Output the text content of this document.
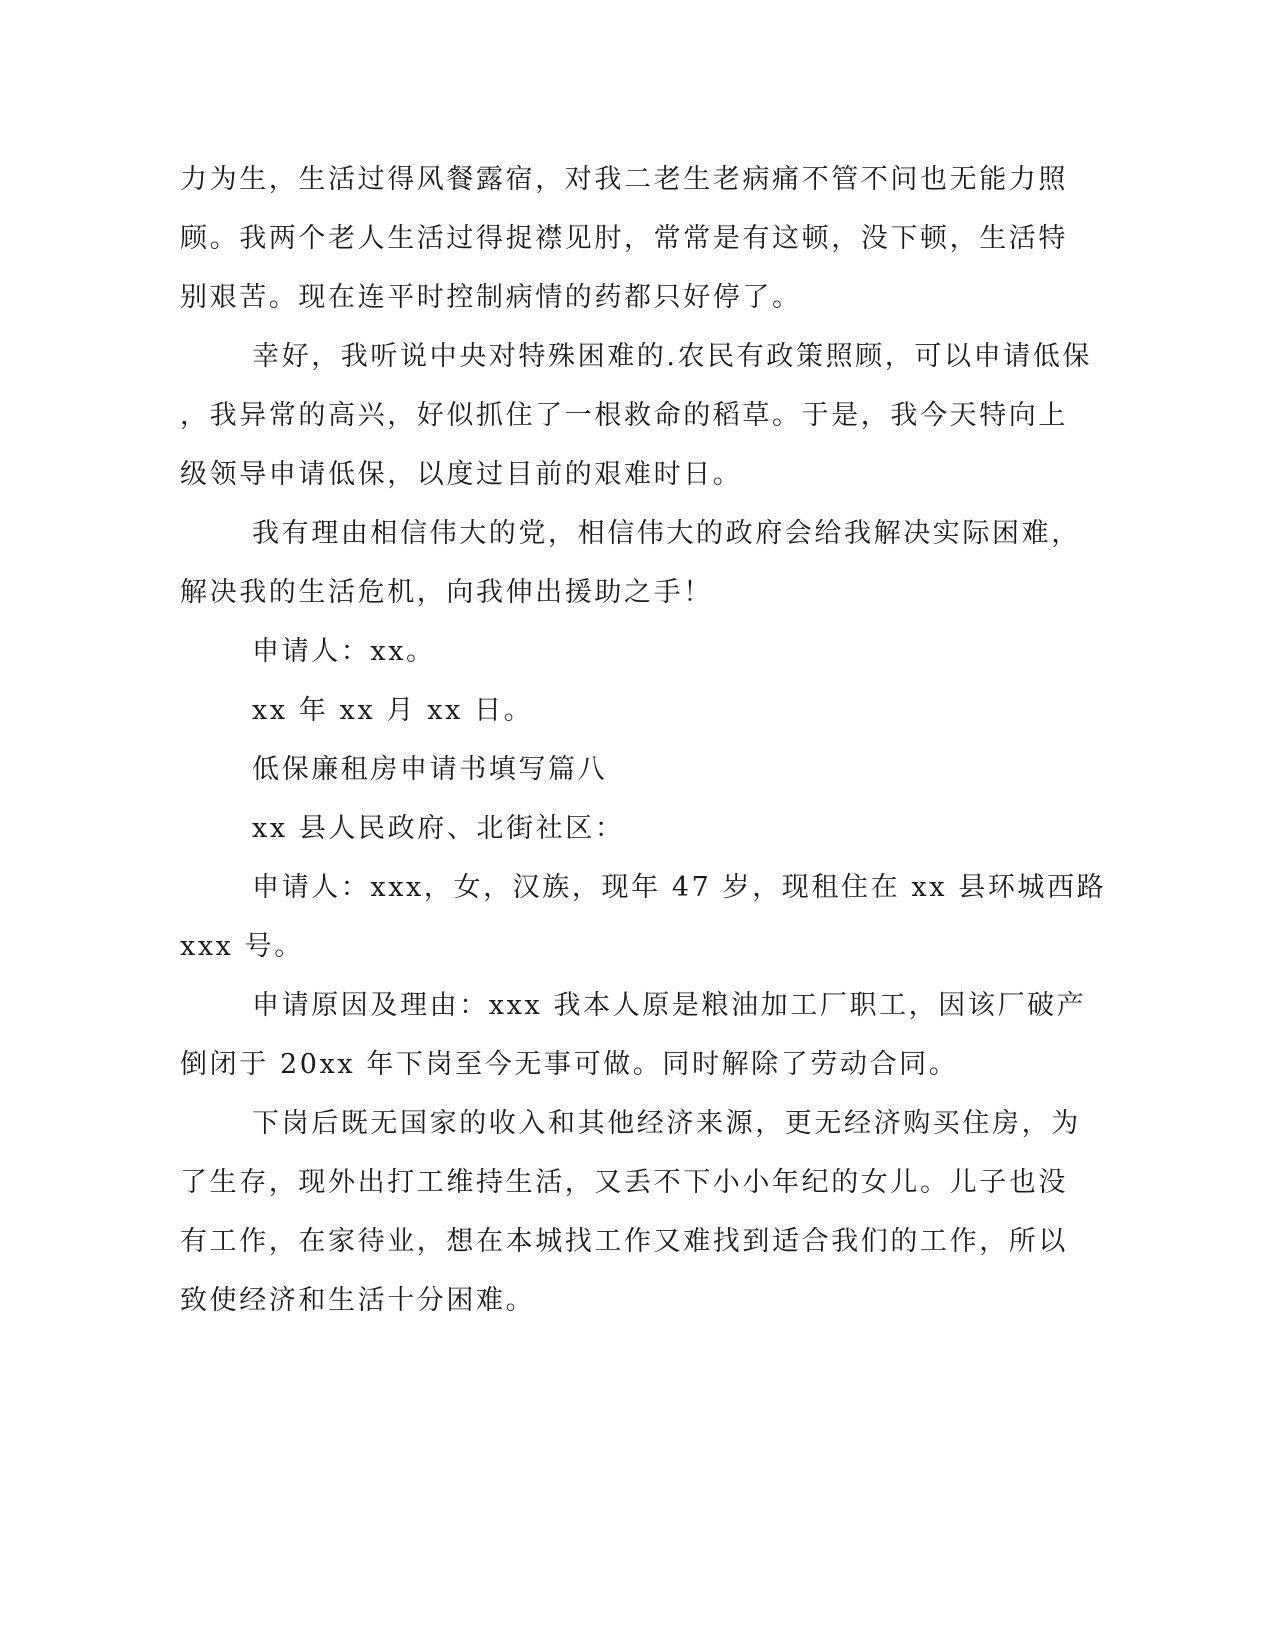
力为生，生活过得风餐露宿，对我二老生老病痛不管不问也无能力照
顾。我两个老人生活过得捉襟见肘，常常是有这顿，没下顿，生活特
别艰苦。现在连平时控制病情的药都只好停了。
幸好，我听说中央对特殊困难的.农民有政策照顾，可以申请低保
，我异常的高兴，好似抓住了一根救命的稻草。于是，我今天特向上
级领导申请低保，以度过目前的艰难时日。
我有理由相信伟大的党，相信伟大的政府会给我解决实际困难，
解决我的生活危机，向我伸出援助之手！
申请人：xx。
xx 年 xx 月 xx 日。
低保廉租房申请书填写篇八
xx 县人民政府、北街社区：
申请人：xxx，女，汉族，现年 47 岁，现租住在 xx 县环城西路
xxx 号。
申请原因及理由：xxx 我本人原是粮油加工厂职工，因该厂破产
倒闭于 20xx 年下岗至今无事可做。同时解除了劳动合同。
下岗后既无国家的收入和其他经济来源，更无经济购买住房，为
了生存，现外出打工维持生活，又丢不下小小年纪的女儿。儿子也没
有工作，在家待业，想在本城找工作又难找到适合我们的工作，所以
致使经济和生活十分困难。
